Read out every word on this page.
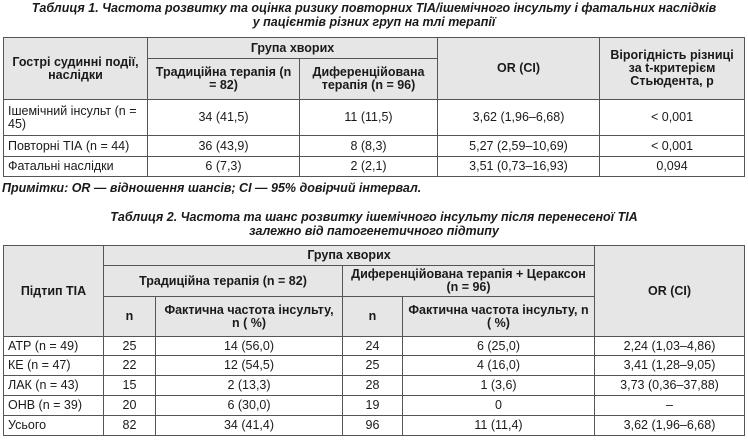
Таблиця 1. Частота розвитку та оцінка ризику повторних ТІА/ішемічного інсульту і фатальних наслідків
у пацієнтів різних груп на тлі терапії

Гострі судинні події, наслідки	Група хворих		OR (CI)	Вірогідність різниці за t-критерієм Стьюдента, р
	Традиційна терапія (n = 82)	Диференційована терапія (n = 96)		
Ішемічний інсульт (n = 45)	34 (41,5)	11 (11,5)	3,62 (1,96–6,68)	< 0,001
Повторні ТІА (n = 44)	36 (43,9)	8 (8,3)	5,27 (2,59–10,69)	< 0,001
Фатальні наслідки	6 (7,3)	2 (2,1)	3,51 (0,73–16,93)	0,094

Примітки: OR — відношення шансів; CI — 95% довірчий інтервал.

Таблиця 2. Частота та шанс розвитку ішемічного інсульту після перенесеної ТІА
залежно від патогенетичного підтипу

Підтип ТІА	Група хворих				OR (CI)
	Традиційна терапія (n = 82)		Диференційована терапія + Цераксон (n = 96)		
	n	Фактична частота інсульту, n ( %)	n	Фактична частота інсульту, n ( %)	
АТР (n = 49)	25	14 (56,0)	24	6 (25,0)	2,24 (1,03–4,86)
КЕ (n = 47)	22	12 (54,5)	25	4 (16,0)	3,41 (1,28–9,05)
ЛАК (n = 43)	15	2 (13,3)	28	1 (3,6)	3,73 (0,36–37,88)
ОНВ (n = 39)	20	6 (30,0)	19	0	–
Усього	82	34 (41,4)	96	11 (11,4)	3,62 (1,96–6,68)
